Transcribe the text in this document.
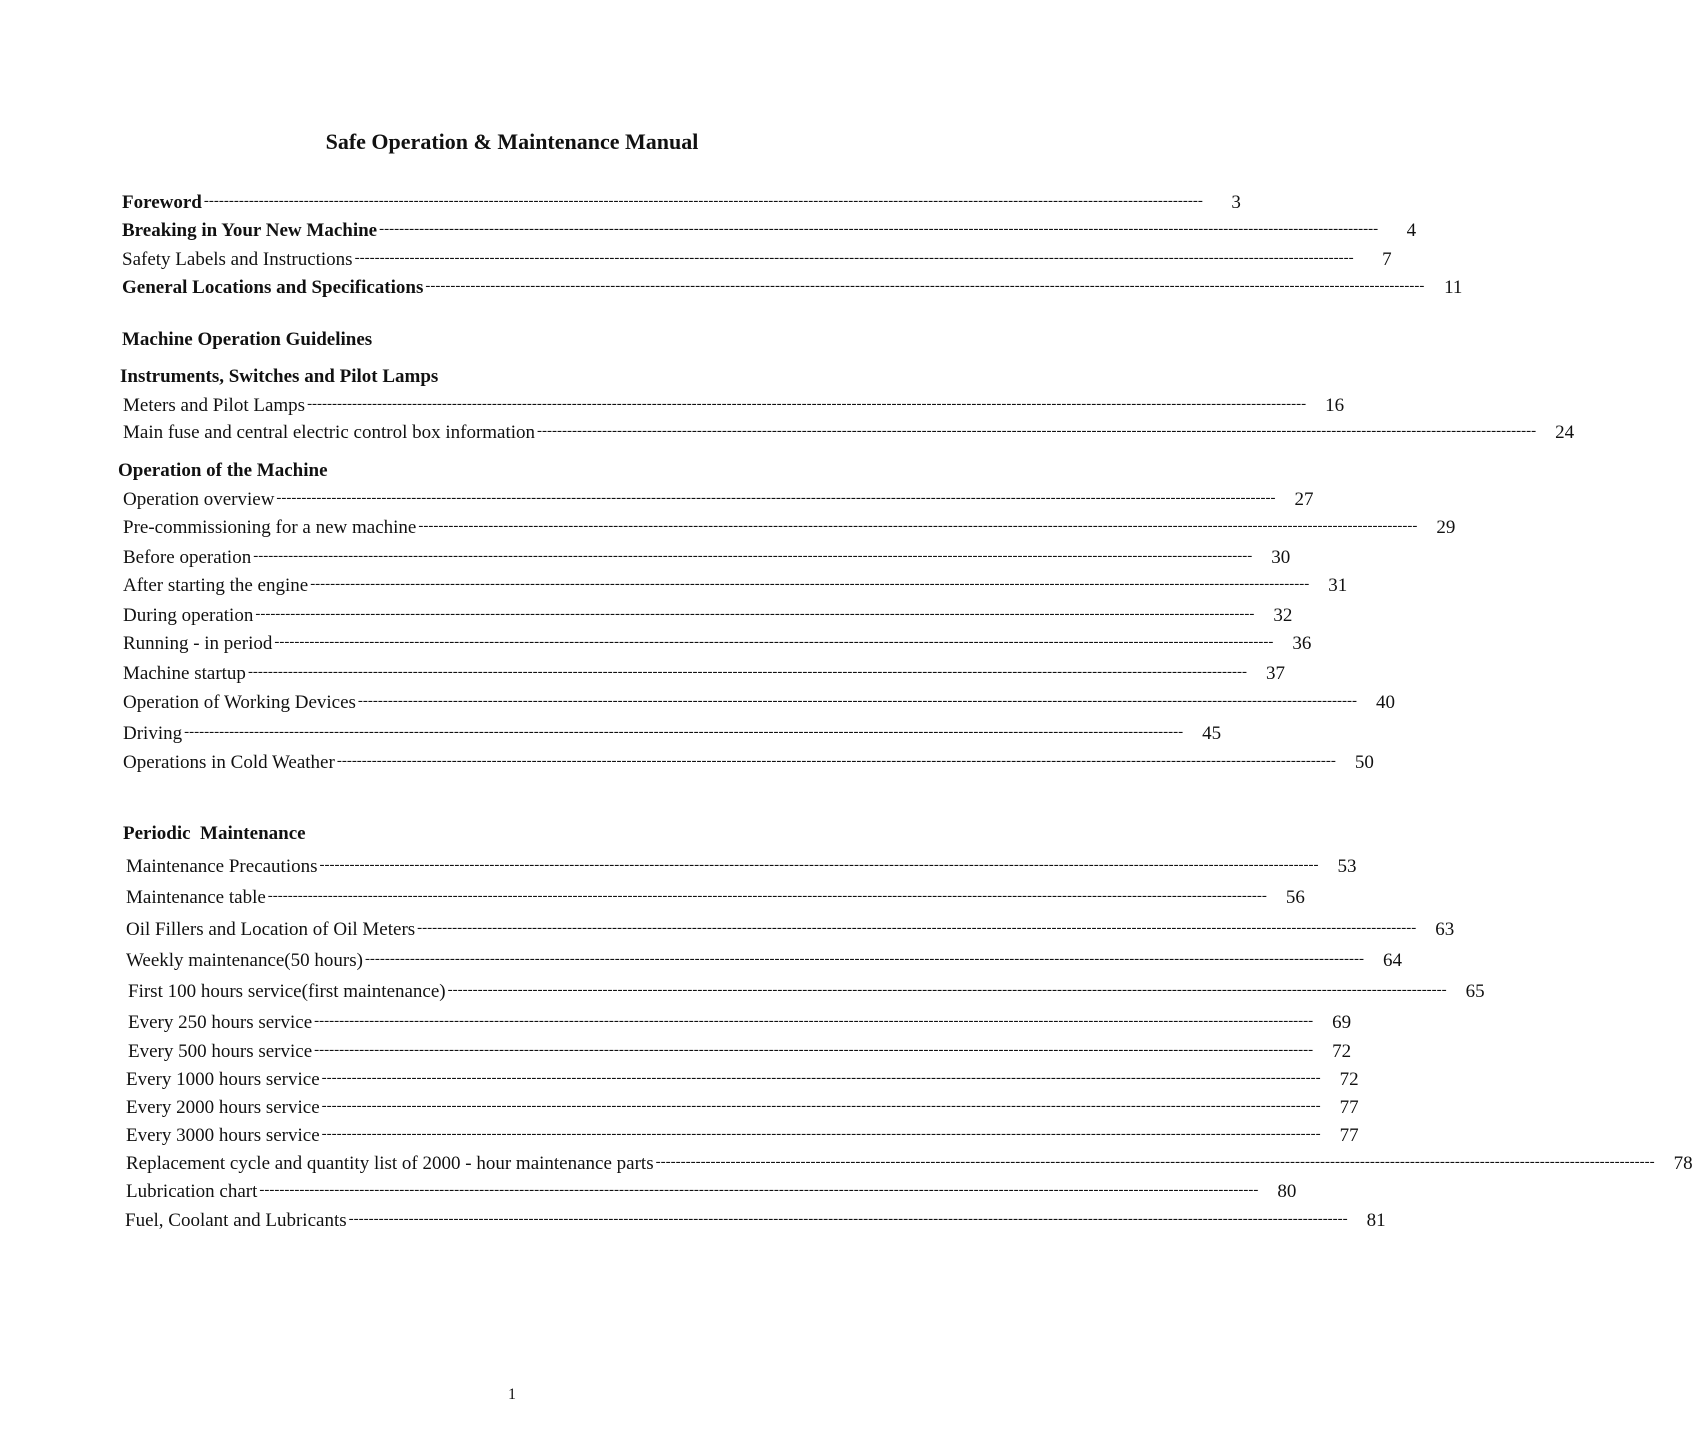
Safe Operation & Maintenance Manual
Foreword --------------------------------------------------------------------------------------------------------------------------------------------------------------------------------------------------------	3
Breaking in Your New Machine --------------------------------------------------------------------------------------------------------------------------------------------------------------------------------------------------------	4
Safety Labels and Instructions --------------------------------------------------------------------------------------------------------------------------------------------------------------------------------------------------------	7
General Locations and Specifications --------------------------------------------------------------------------------------------------------------------------------------------------------------------------------------------------------	11
Machine Operation Guidelines
Instruments, Switches and Pilot Lamps
Meters and Pilot Lamps --------------------------------------------------------------------------------------------------------------------------------------------------------------------------------------------------------	16
Main fuse and central electric control box information --------------------------------------------------------------------------------------------------------------------------------------------------------------------------------------------------------	24
Operation of the Machine
Operation overview --------------------------------------------------------------------------------------------------------------------------------------------------------------------------------------------------------	27
Pre-commissioning for a new machine --------------------------------------------------------------------------------------------------------------------------------------------------------------------------------------------------------	29
Before operation --------------------------------------------------------------------------------------------------------------------------------------------------------------------------------------------------------	30
After starting the engine --------------------------------------------------------------------------------------------------------------------------------------------------------------------------------------------------------	31
During operation --------------------------------------------------------------------------------------------------------------------------------------------------------------------------------------------------------	32
Running - in period --------------------------------------------------------------------------------------------------------------------------------------------------------------------------------------------------------	36
Machine startup --------------------------------------------------------------------------------------------------------------------------------------------------------------------------------------------------------	37
Operation of Working Devices --------------------------------------------------------------------------------------------------------------------------------------------------------------------------------------------------------	40
Driving --------------------------------------------------------------------------------------------------------------------------------------------------------------------------------------------------------	45
Operations in Cold Weather --------------------------------------------------------------------------------------------------------------------------------------------------------------------------------------------------------	50
Periodic  Maintenance
Maintenance Precautions --------------------------------------------------------------------------------------------------------------------------------------------------------------------------------------------------------	53
Maintenance table --------------------------------------------------------------------------------------------------------------------------------------------------------------------------------------------------------	56
Oil Fillers and Location of Oil Meters --------------------------------------------------------------------------------------------------------------------------------------------------------------------------------------------------------	63
Weekly maintenance(50 hours) --------------------------------------------------------------------------------------------------------------------------------------------------------------------------------------------------------	64
First 100 hours service(first maintenance) --------------------------------------------------------------------------------------------------------------------------------------------------------------------------------------------------------	65
Every 250 hours service --------------------------------------------------------------------------------------------------------------------------------------------------------------------------------------------------------	69
Every 500 hours service --------------------------------------------------------------------------------------------------------------------------------------------------------------------------------------------------------	72
Every 1000 hours service --------------------------------------------------------------------------------------------------------------------------------------------------------------------------------------------------------	72
Every 2000 hours service --------------------------------------------------------------------------------------------------------------------------------------------------------------------------------------------------------	77
Every 3000 hours service --------------------------------------------------------------------------------------------------------------------------------------------------------------------------------------------------------	77
Replacement cycle and quantity list of 2000 - hour maintenance parts --------------------------------------------------------------------------------------------------------------------------------------------------------------------------------------------------------	78
Lubrication chart --------------------------------------------------------------------------------------------------------------------------------------------------------------------------------------------------------	80
Fuel, Coolant and Lubricants --------------------------------------------------------------------------------------------------------------------------------------------------------------------------------------------------------	81
1
